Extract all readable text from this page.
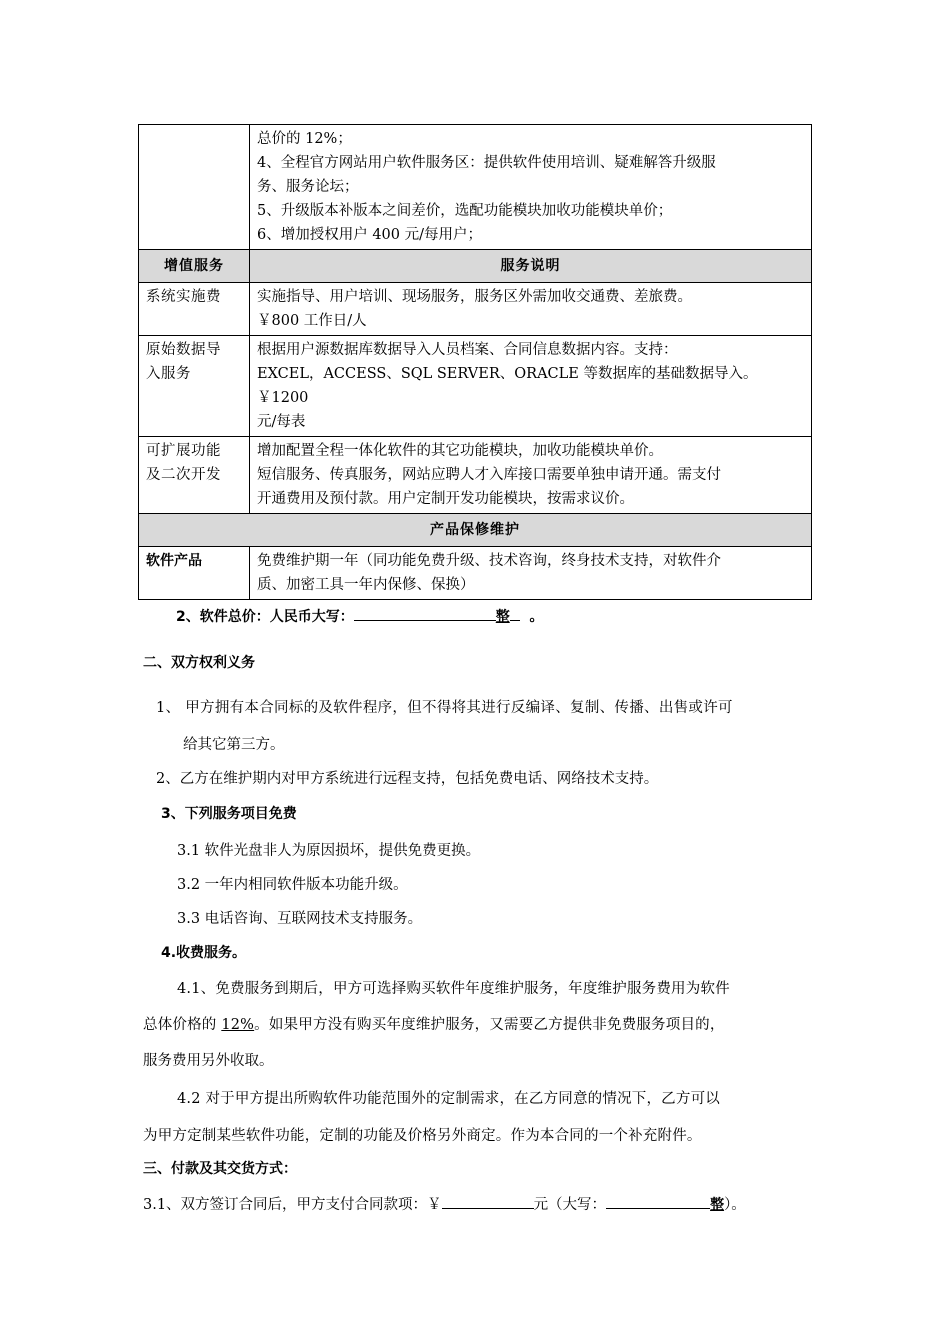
	总价的 12%；
4、全程官方网站用户软件服务区：提供软件使用培训、疑难解答升级服
务、服务论坛；
5、升级版本补版本之间差价，选配功能模块加收功能模块单价；
6、增加授权用户 400 元/每用户；

增值服务	服务说明

系统实施费	实施指导、用户培训、现场服务，服务区外需加收交通费、差旅费。
￥800 工作日/人

原始数据导
入服务	根据用户源数据库数据导入人员档案、合同信息数据内容。支持：
EXCEL，ACCESS、SQL SERVER、ORACLE 等数据库的基础数据导入。￥1200
元/每表

可扩展功能
及二次开发	增加配置全程一体化软件的其它功能模块，加收功能模块单价。
短信服务、传真服务，网站应聘人才入库接口需要单独申请开通。需支付
开通费用及预付款。用户定制开发功能模块，按需求议价。

产品保修维护	
软件产品	免费维护期一年（同功能免费升级、技术咨询，终身技术支持，对软件介
质、加密工具一年内保修、保换）
2、软件总价：人民币大写：	整 。
二、双方权利义务
1、 甲方拥有本合同标的及软件程序，但不得将其进行反编译、复制、传播、出售或许可
给其它第三方。
2、乙方在维护期内对甲方系统进行远程支持，包括免费电话、网络技术支持。
3、下列服务项目免费
3.1 软件光盘非人为原因损坏，提供免费更换。
3.2 一年内相同软件版本功能升级。
3.3 电话咨询、互联网技术支持服务。
4.收费服务。
4.1、免费服务到期后，甲方可选择购买软件年度维护服务，年度维护服务费用为软件
总体价格的 12%。如果甲方没有购买年度维护服务，又需要乙方提供非免费服务项目的，
服务费用另外收取。
4.2 对于甲方提出所购软件功能范围外的定制需求，在乙方同意的情况下，乙方可以
为甲方定制某些软件功能，定制的功能及价格另外商定。作为本合同的一个补充附件。
三、付款及其交货方式：
3.1、双方签订合同后，甲方支付合同款项：￥	元（大写：	整）。
